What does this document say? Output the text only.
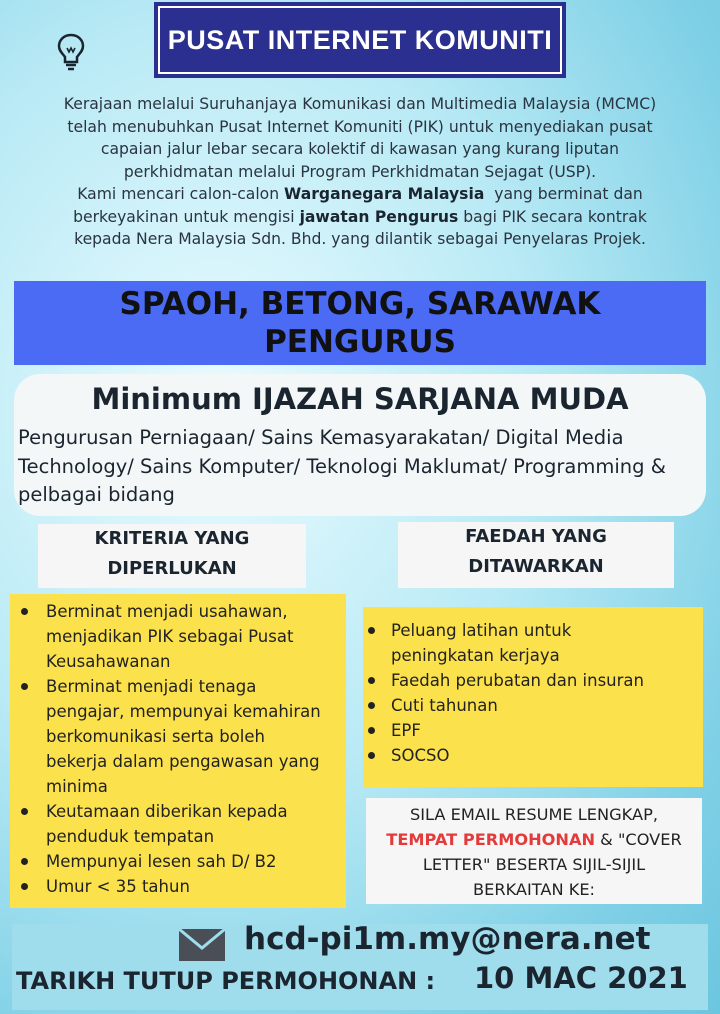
PUSAT INTERNET KOMUNITI

Kerajaan melalui Suruhanjaya Komunikasi dan Multimedia Malaysia (MCMC)

telah menubuhkan Pusat Internet Komuniti (PIK) untuk menyediakan pusat

capaian jalur lebar secara kolektif di kawasan yang kurang liputan

perkhidmatan melalui Program Perkhidmatan Sejagat (USP).

Kami mencari calon-calon Warganegara Malaysia  yang berminat dan

berkeyakinan untuk mengisi jawatan Pengurus bagi PIK secara kontrak

kepada Nera Malaysia Sdn. Bhd. yang dilantik sebagai Penyelaras Projek.

SPAOH, BETONG, SARAWAK
PENGURUS
Minimum IJAZAH SARJANA MUDA
Pengurusan Perniagaan/ Sains Kemasyarakatan/ Digital Media
Technology/ Sains Komputer/ Teknologi Maklumat/ Programming &
pelbagai bidang
KRITERIA YANG
DIPERLUKAN
FAEDAH YANG
DITAWARKAN
Berminat menjadi usahawan,
menjadikan PIK sebagai Pusat
Keusahawanan
Berminat menjadi tenaga
pengajar, mempunyai kemahiran
berkomunikasi serta boleh
bekerja dalam pengawasan yang
minima
Keutamaan diberikan kepada
penduduk tempatan
Mempunyai lesen sah D/ B2
Umur < 35 tahun
Peluang latihan untuk
peningkatan kerjaya
Faedah perubatan dan insuran
Cuti tahunan
EPF
SOCSO
SILA EMAIL RESUME LENGKAP,
TEMPAT PERMOHONAN & "COVER
LETTER" BESERTA SIJIL-SIJIL
BERKAITAN KE:
hcd-pi1m.my@nera.net
TARIKH TUTUP PERMOHONAN : 10 MAC 2021
